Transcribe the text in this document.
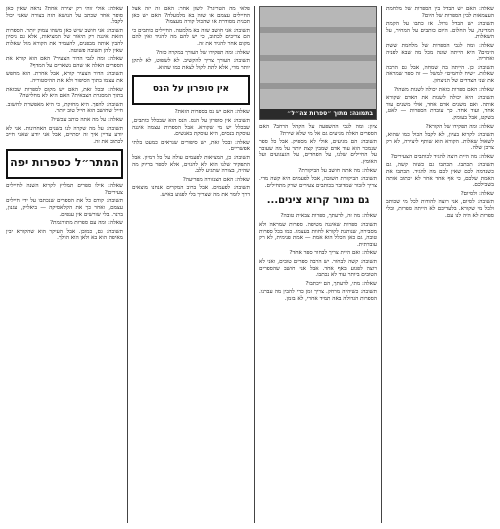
שאלה: אולי זוהי רק יצירה אחת? נראה שאין כאן סופר אחד שכתב על הנושא הזה בצורה שאני יכול לקבל.

תשובה: אני חושב שיש כאן משהו עמוק יותר. הספרות הזאת איננה רק תיאור של המציאות, אלא גם ניסיון להבין אותה מבפנים, להעמיד את הקורא מול שאלות שאין להן תשובה פשוטה.

שאלה: ומה לגבי הדור הצעיר? האם הוא קורא את הספרים האלה או שהם נשארים על המדף?

תשובה: הדור הצעיר קורא, אבל אחרת. הוא מחפש את עצמו בתוך הסיפור ולא את ההיסטוריה.

שאלה: ובכל זאת, האם יש מקום לספרות שכזאת בתוך המסגרת הצבאית? האם היא לא מחלישה?

תשובה: להפך. היא מחזקת, כי היא מאפשרת לחשוב. חייל שחושב הוא חייל טוב יותר.

שאלה: על מה אתה כותב עכשיו?

תשובה: על מה שקרה לנו בשנים האחרונות. אני לא יודע עדיין איך זה יסתיים, אבל אני יודע שאני חייב לכתוב את זה.

המתר״ל כספרות יפה

שאלה: אילו ספרים תמליץ לקרוא השנה לחיילים צעירים?

תשובה: קודם כל את הספרים שנכתבו על ידי חיילים עצמם, ואחר כך את הקלאסיקה — ביאליק, עגנון, ברנר. בלי שורשים אין ענפים.

שאלה: ומה עם ספרות מתורגמת?

תשובה: גם, כמובן. אבל העיקר הוא שהקורא יבין מאיפה הוא בא ולאן הוא הולך.

פלאי מה הטריגר? לשון אחר: האם זה יזה אצל החיילים עצמם או שזה בא מלמעלה? האם יש כאן תכנית מסודרת או שהכול קורה מעצמו?

תשובה: אני חושב שזה בא מלמטה. החיילים כותבים כי הם צריכים לכתוב, כי יש להם מה להגיד ואין להם מקום אחר להגיד את זה.

שאלה: ומה תפקידו של העורך במקרה כזה?

תשובה: העורך צריך להקשיב. לא לשפוט, לא לתקן יותר מדי, אלא לתת לקול לצאת כמו שהוא.

אין סופרון על הנס

שאלה: האם יש נס בספרות הזאת?

תשובה: אין סופרון על הנס. הנס הוא שבכלל כותבים, שבכלל יש מי שקורא. אבל הספרות עצמה איננה עוסקת בנסים, היא עוסקת באנשים.

שאלה: ובכל זאת, יש סיפורים שנראים כמעט בלתי אפשריים.

תשובה: כן, המציאות לפעמים עולה על כל דמיון. אבל התפקיד שלנו הוא לא להגזים, אלא לספר בדיוק מה שהיה, בצורה שתגיע ללב.

שאלה: האם הצנזורה מפריעה?

תשובה: לפעמים. אבל ברוב המקרים אנחנו מוצאים דרך לומר את מה שצריך בלי לפגוע באיש.

בתמונה: מתוך ״ספרות צה״ל״

ציון: ומה לגבי ההשפעה על הקהל הרחב? האם הספרים האלה מגיעים גם אל מי שלא שירת?

תשובה: הם מגיעים, אולי לא מספיק. אבל כל ספר שנמכר הוא עוד אדם שמבין קצת יותר על מה שעובר על החיילים שלנו, על הפחדים, על הגעגועים ועל האומץ.

שאלה: מה אתה חושב על הביקורת?

תשובה: הביקורת חשובה, אבל לפעמים היא קשה מדי. צריך לזכור שמדובר בכותבים צעירים שרק מתחילים.

גם נמור קרוא צינים...

שאלה: מה זה, לדעתך, ספרות צבאית טובה?

תשובה: ספרות שאיננה מטיפה. ספרות שמראה ולא מסבירה, שנותנת לקורא לחוות בעצמו. כמו בכל ספרות טובה, גם כאן הכלל הוא אמת — אמת פנימית, לא רק עובדתית.

שאלה: ואם היית צריך לבחור ספר אחד?

תשובה: קשה לבחור. יש הרבה ספרים טובים, ואני לא רוצה לפגוע באף אחד. אבל אני חושב שהספרים הטובים ביותר עוד לא נכתבו.

שאלה: מתי, לדעתך, הם ייכתבו?

תשובה: כשיהיה מרחק. צריך זמן כדי להבין מה עברנו. הספרות הגדולה באה תמיד אחרי, לא בזמן.

שאלה: האם יש הבדל בין הספרות של מלחמת העצמאות לבין הספרות של היום?

תשובה: יש הבדל גדול. אז כתבו על הקמת המדינה, על החלום. היום כותבים על המחיר, על השאלות.

שאלה: ומה לגבי הספרות של מלחמת ששת הימים? היא הייתה שונה מכל מה שבא לפניה ואחריה.

תשובה: כן. הייתה בה שמחה, אבל גם הרבה שאלות. ״שיח לוחמים״ למשל — זה ספר שמראה את שני הצדדים של הניצחון.

שאלה: האם ספרות כזאת יכולה לשנות משהו?

תשובה: היא יכולה לשנות את האדם שקורא אותה. ואם משנים אדם אחד, אולי משנים עוד אחד, ועוד אחד. כך עובדת הספרות — לאט, בשקט, אבל בעומק.

שאלה: ומה תפקידו של הקורא?

תשובה: לקרוא בעיון, לא לקבל הכול כמו שהוא, לשאול שאלות. הקורא הוא שותף ליצירה, לא רק צרכן שלה.

שאלה: מה היית רוצה להגיד לכותבים הצעירים?

תשובה: תכתבו. תכתבו גם כשזה קשה, גם כשנדמה לכם שאין לכם מה להגיד. תכתבו את האמת שלכם, כי אף אחד אחר לא יכתוב אותה בשבילכם.

שאלה: ולסיום?

תשובה: לסיום, אני רוצה להודות לכל מי שכותב ולכל מי שקורא. בלעדיכם לא הייתה ספרות, ובלי ספרות לא היה לנו עם.
